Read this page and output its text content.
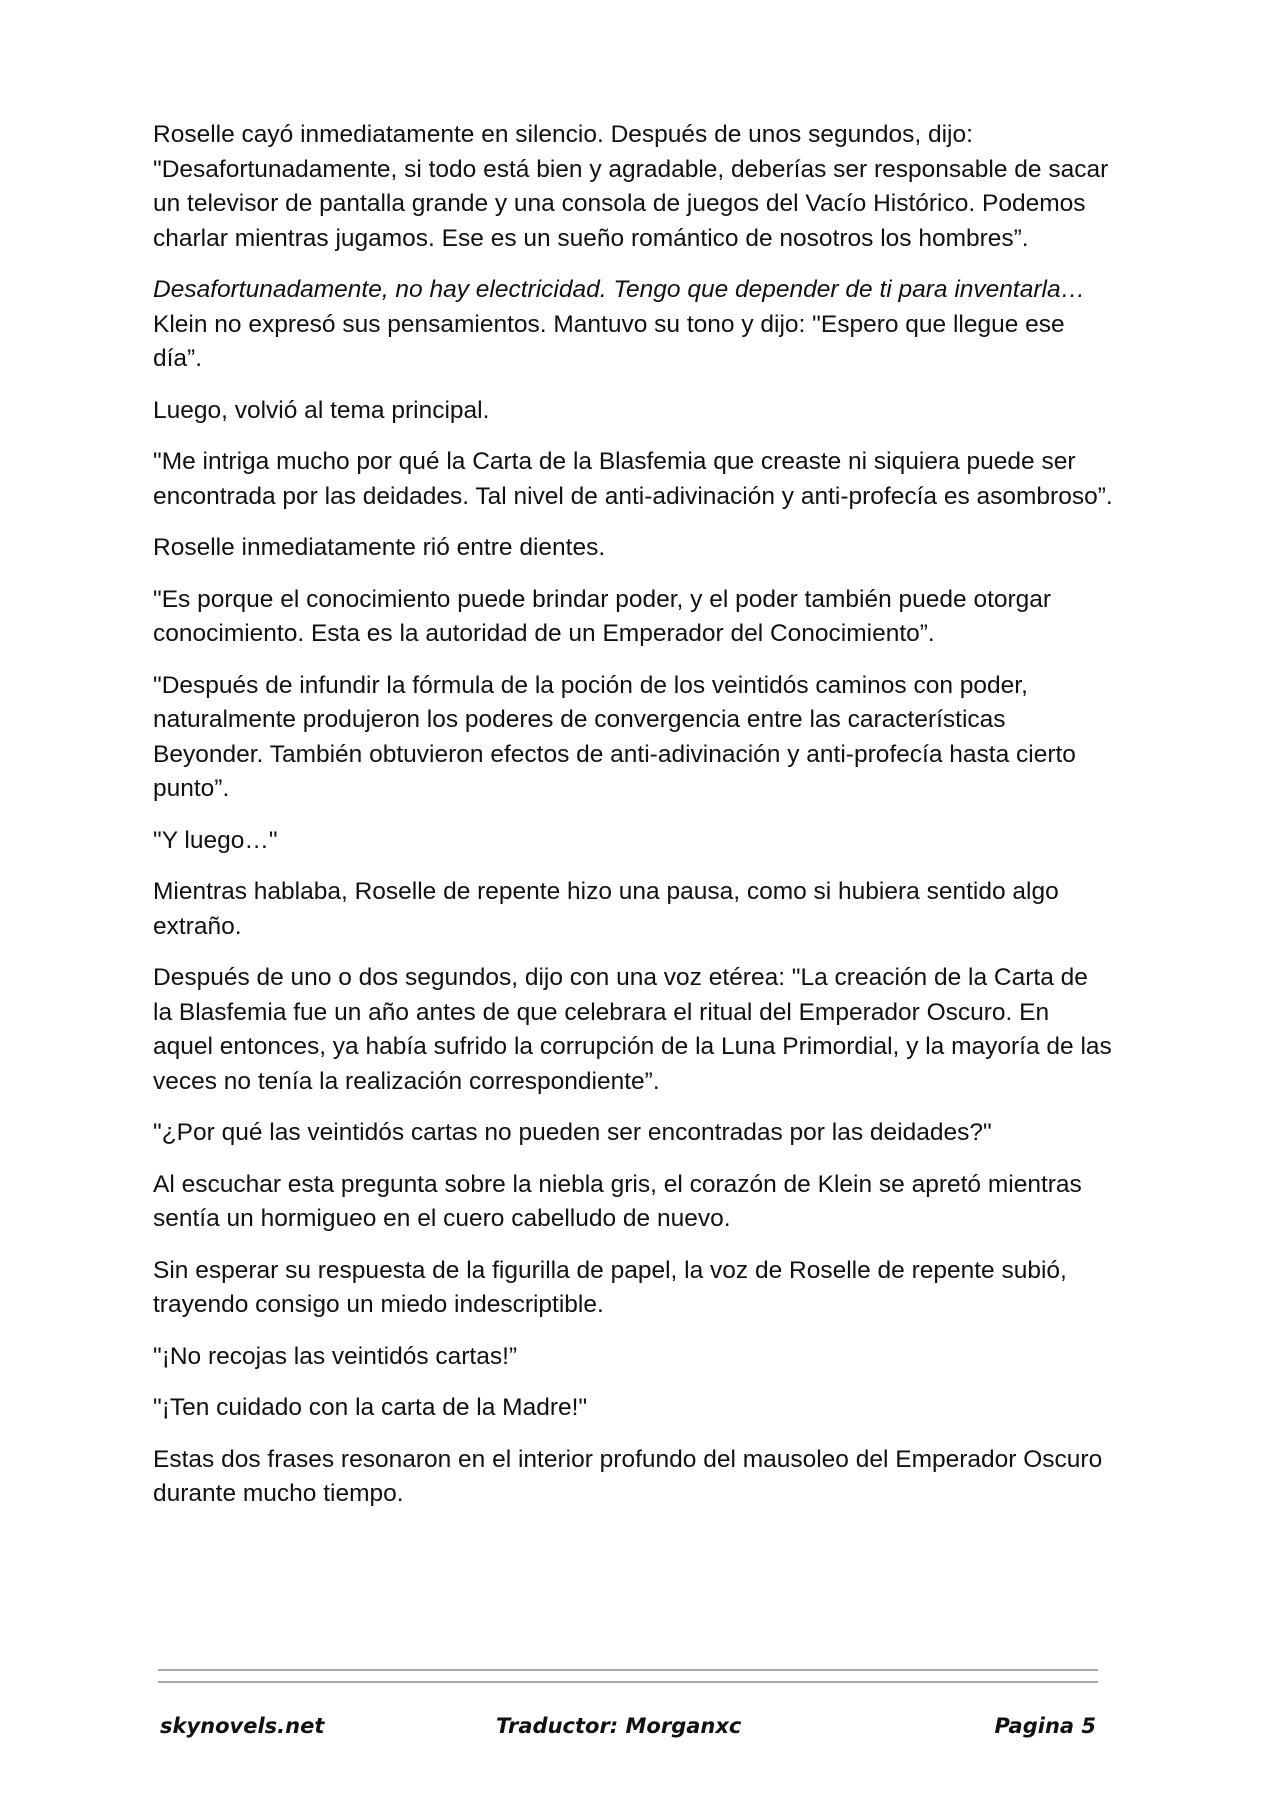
Roselle cayó inmediatamente en silencio. Después de unos segundos, dijo: "Desafortunadamente, si todo está bien y agradable, deberías ser responsable de sacar un televisor de pantalla grande y una consola de juegos del Vacío Histórico. Podemos charlar mientras jugamos. Ese es un sueño romántico de nosotros los hombres”.

Desafortunadamente, no hay electricidad. Tengo que depender de ti para inventarla… Klein no expresó sus pensamientos. Mantuvo su tono y dijo: "Espero que llegue ese día”.

Luego, volvió al tema principal.

"Me intriga mucho por qué la Carta de la Blasfemia que creaste ni siquiera puede ser encontrada por las deidades. Tal nivel de anti-adivinación y anti-profecía es asombroso”.

Roselle inmediatamente rió entre dientes.

"Es porque el conocimiento puede brindar poder, y el poder también puede otorgar conocimiento. Esta es la autoridad de un Emperador del Conocimiento”.

"Después de infundir la fórmula de la poción de los veintidós caminos con poder, naturalmente produjeron los poderes de convergencia entre las características Beyonder. También obtuvieron efectos de anti-adivinación y anti-profecía hasta cierto punto”.

"Y luego…"

Mientras hablaba, Roselle de repente hizo una pausa, como si hubiera sentido algo extraño.

Después de uno o dos segundos, dijo con una voz etérea: "La creación de la Carta de la Blasfemia fue un año antes de que celebrara el ritual del Emperador Oscuro. En aquel entonces, ya había sufrido la corrupción de la Luna Primordial, y la mayoría de las veces no tenía la realización correspondiente”.

"¿Por qué las veintidós cartas no pueden ser encontradas por las deidades?"

Al escuchar esta pregunta sobre la niebla gris, el corazón de Klein se apretó mientras sentía un hormigueo en el cuero cabelludo de nuevo.

Sin esperar su respuesta de la figurilla de papel, la voz de Roselle de repente subió, trayendo consigo un miedo indescriptible.

"¡No recojas las veintidós cartas!”

"¡Ten cuidado con la carta de la Madre!"

Estas dos frases resonaron en el interior profundo del mausoleo del Emperador Oscuro durante mucho tiempo.

skynovels.net	Traductor: Morganxc	Pagina 5
